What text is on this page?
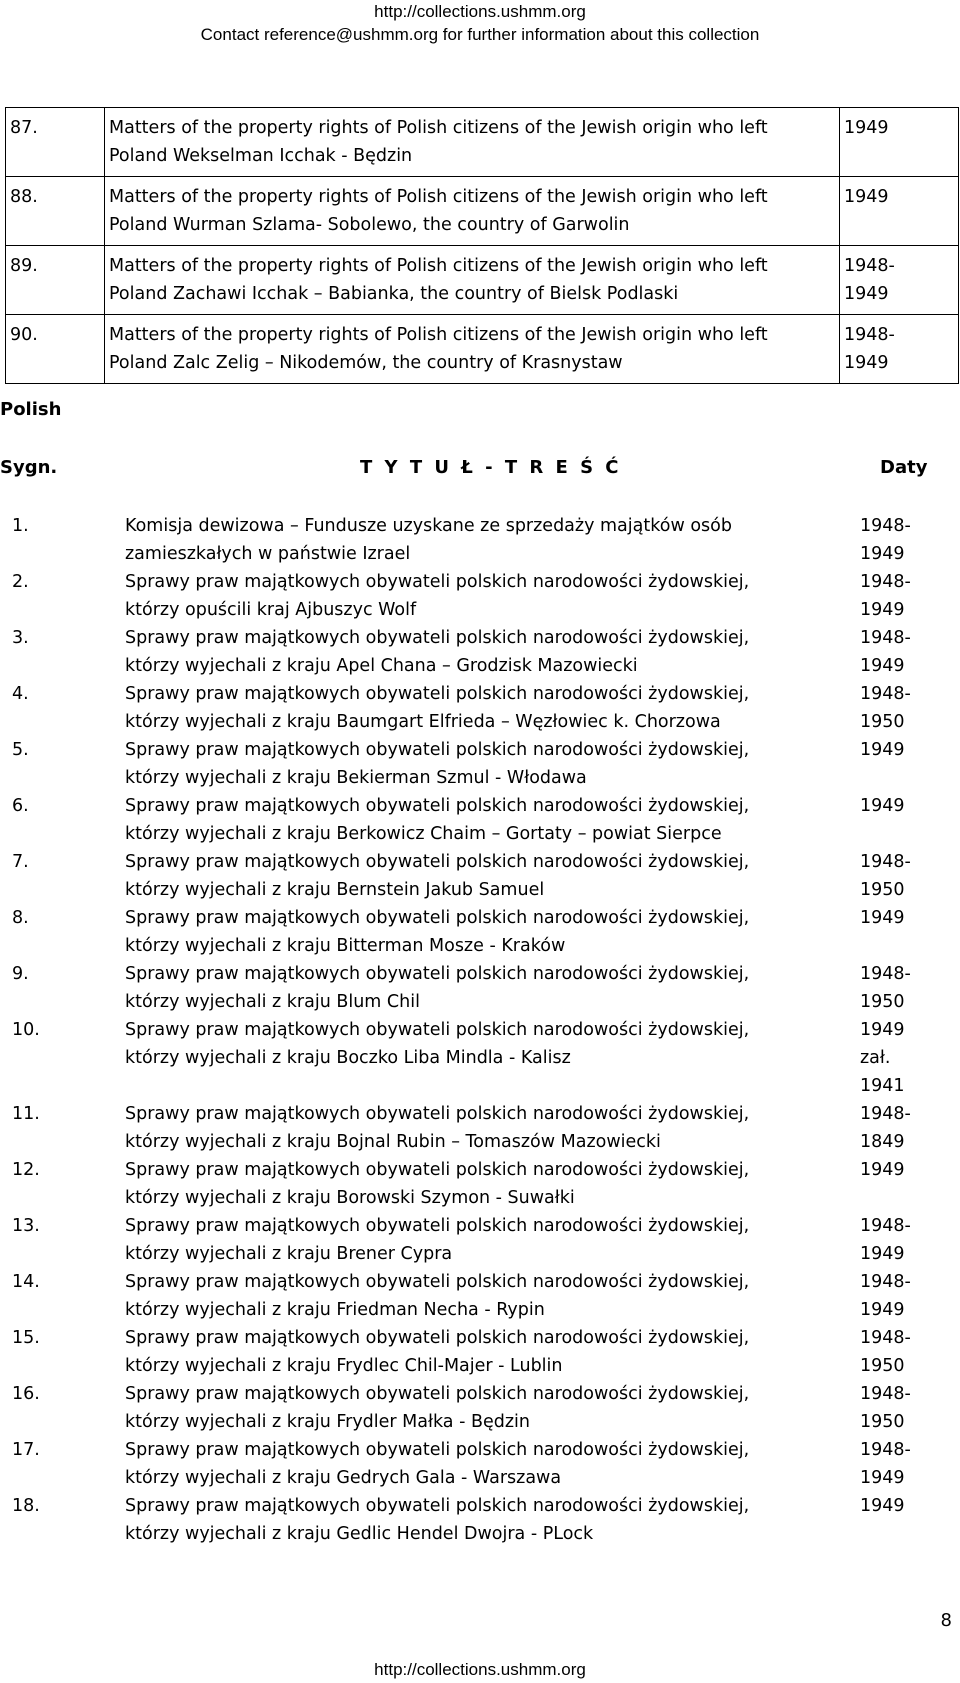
http://collections.ushmm.org
Contact reference@ushmm.org for further information about this collection
87.	Matters of the property rights of Polish citizens of the Jewish origin who left
Poland Wekselman Icchak - Będzin	1949

88.	Matters of the property rights of Polish citizens of the Jewish origin who left
Poland Wurman Szlama- Sobolewo, the country of Garwolin	1949

89.	Matters of the property rights of Polish citizens of the Jewish origin who left
Poland Zachawi Icchak – Babianka, the country of Bielsk Podlaski	1948-
1949

90.	Matters of the property rights of Polish citizens of the Jewish origin who left
Poland Zalc Zelig – Nikodemów, the country of Krasnystaw	1948-
1949
Polish
Sygn.	T Y T U Ł - T R E Ś Ć	Daty
1.	Komisja dewizowa – Fundusze uzyskane ze sprzedaży majątków osób	1948-
zamieszkałych w państwie Izrael	1949
2.	Sprawy praw majątkowych obywateli polskich narodowości żydowskiej,	1948-
którzy opuścili kraj Ajbuszyc Wolf	1949
3.	Sprawy praw majątkowych obywateli polskich narodowości żydowskiej,	1948-
którzy wyjechali z kraju Apel Chana – Grodzisk Mazowiecki	1949
4.	Sprawy praw majątkowych obywateli polskich narodowości żydowskiej,	1948-
którzy wyjechali z kraju Baumgart Elfrieda – Węzłowiec k. Chorzowa	1950
5.	Sprawy praw majątkowych obywateli polskich narodowości żydowskiej,	1949
którzy wyjechali z kraju Bekierman Szmul - Włodawa
6.	Sprawy praw majątkowych obywateli polskich narodowości żydowskiej,	1949
którzy wyjechali z kraju Berkowicz Chaim – Gortaty – powiat Sierpce
7.	Sprawy praw majątkowych obywateli polskich narodowości żydowskiej,	1948-
którzy wyjechali z kraju Bernstein Jakub Samuel	1950
8.	Sprawy praw majątkowych obywateli polskich narodowości żydowskiej,	1949
którzy wyjechali z kraju Bitterman Mosze - Kraków
9.	Sprawy praw majątkowych obywateli polskich narodowości żydowskiej,	1948-
którzy wyjechali z kraju Blum Chil	1950
10.	Sprawy praw majątkowych obywateli polskich narodowości żydowskiej,	1949
którzy wyjechali z kraju Boczko Liba Mindla - Kalisz	zał.
1941
11.	Sprawy praw majątkowych obywateli polskich narodowości żydowskiej,	1948-
którzy wyjechali z kraju Bojnal Rubin – Tomaszów Mazowiecki	1849
12.	Sprawy praw majątkowych obywateli polskich narodowości żydowskiej,	1949
którzy wyjechali z kraju Borowski Szymon - Suwałki
13.	Sprawy praw majątkowych obywateli polskich narodowości żydowskiej,	1948-
którzy wyjechali z kraju Brener Cypra	1949
14.	Sprawy praw majątkowych obywateli polskich narodowości żydowskiej,	1948-
którzy wyjechali z kraju Friedman Necha - Rypin	1949
15.	Sprawy praw majątkowych obywateli polskich narodowości żydowskiej,	1948-
którzy wyjechali z kraju Frydlec Chil-Majer - Lublin	1950
16.	Sprawy praw majątkowych obywateli polskich narodowości żydowskiej,	1948-
którzy wyjechali z kraju Frydler Małka - Będzin	1950
17.	Sprawy praw majątkowych obywateli polskich narodowości żydowskiej,	1948-
którzy wyjechali z kraju Gedrych Gala - Warszawa	1949
18.	Sprawy praw majątkowych obywateli polskich narodowości żydowskiej,	1949
którzy wyjechali z kraju Gedlic Hendel Dwojra - PLock
8
http://collections.ushmm.org
